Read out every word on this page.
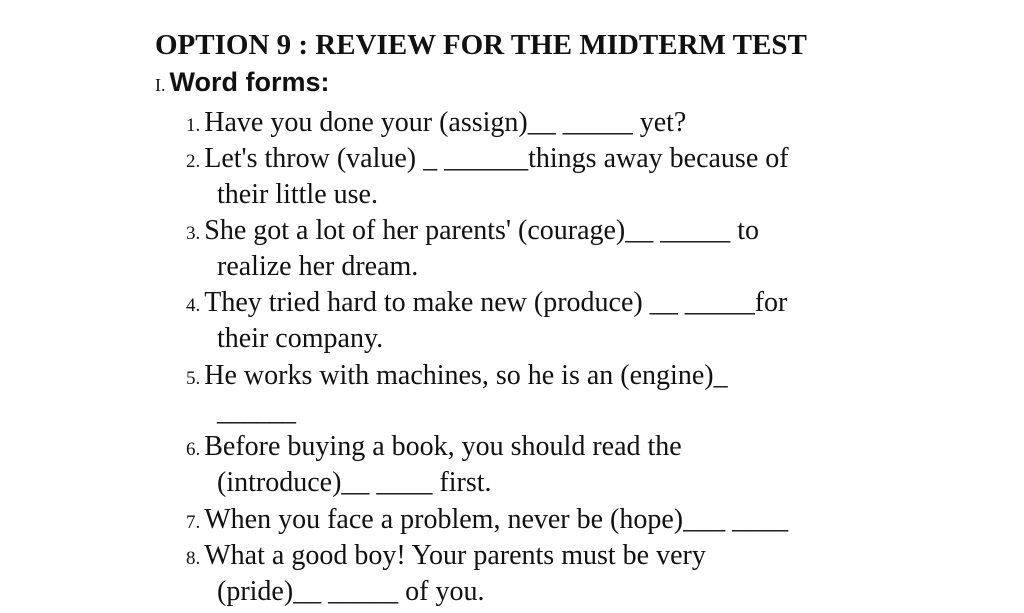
OPTION 9 : REVIEW FOR THE MIDTERM TEST
I. Word forms:
1. Have you done your (assign)__ _____ yet?
2. Let's throw (value) _ ______things away because of
their little use.
3. She got a lot of her parents' (courage)__ _____ to
realize her dream.
4. They tried hard to make new (produce) __ _____for
their company.
5. He works with machines, so he is an (engine)_
______
6. Before buying a book, you should read the
(introduce)__ ____ first.
7. When you face a problem, never be (hope)___ ____
8. What a good boy! Your parents must be very
(pride)__ _____ of you.
